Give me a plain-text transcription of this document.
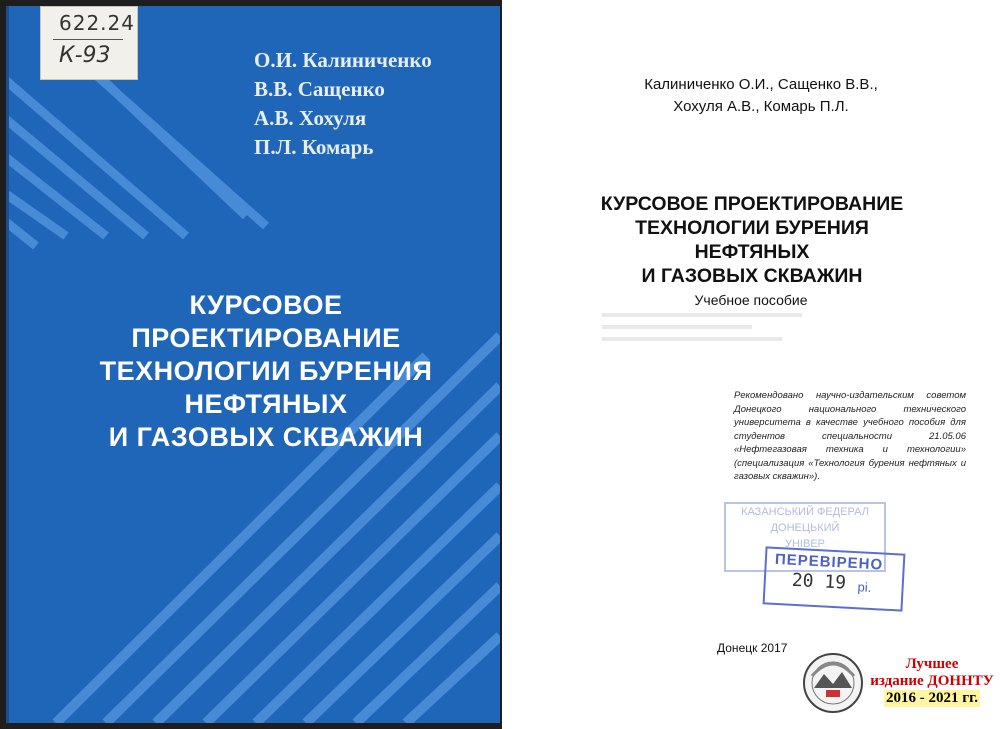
622.24
К-93	О.И. Калиниченко
В.В. Сащенко
А.В. Хохуля
П.Л. Комарь
КУРСОВОЕ
ПРОЕКТИРОВАНИЕ
ТЕХНОЛОГИИ БУРЕНИЯ
НЕФТЯНЫХ
И ГАЗОВЫХ СКВАЖИН
Калиниченко О.И., Сащенко В.В.,
Хохуля А.В., Комарь П.Л.
КУРСОВОЕ ПРОЕКТИРОВАНИЕ
ТЕХНОЛОГИИ БУРЕНИЯ
НЕФТЯНЫХ
И ГАЗОВЫХ СКВАЖИН
Учебное пособие
Рекомендовано научно-издательским советом Донецкого национального технического университета в качестве учебного пособия для студентов специальности 21.05.06 «Нефтегазовая техника и технологии» (специализация «Технология бурения нефтяных и газовых скважин»).
КАЗАНСЬКИЙ ФЕДЕРАЛ
ДОНЕЦЬКИЙ
УНІВЕР
ПЕРЕВІРЕНО
20 19 рі.
Донецк 2017
Лучшее
издание ДОННТУ
2016 - 2021 гг.
